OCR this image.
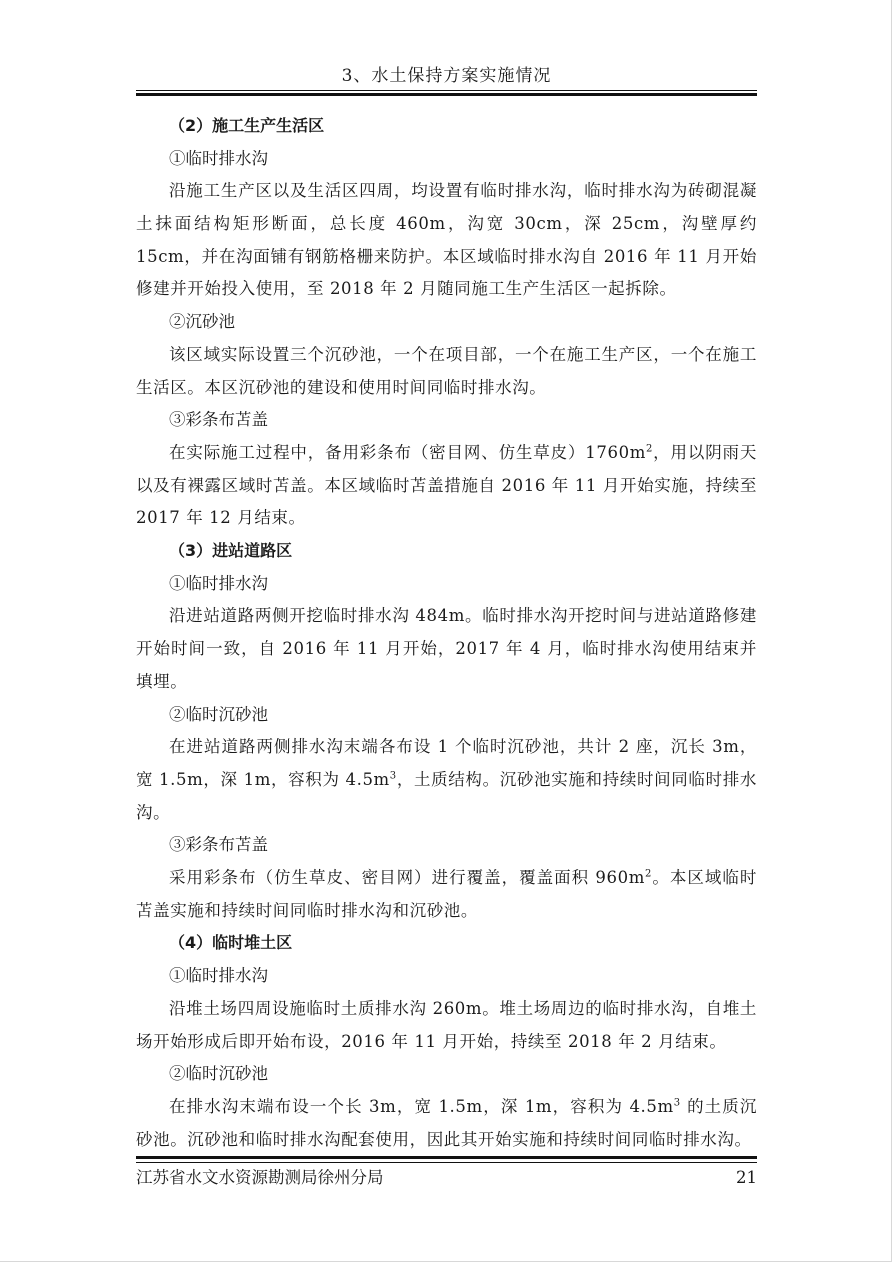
3、水土保持方案实施情况
（2）施工生产生活区
①临时排水沟
沿施工生产区以及生活区四周，均设置有临时排水沟，临时排水沟为砖砌混凝土抹面结构矩形断面，总长度 460m，沟宽 30cm，深 25cm，沟壁厚约 15cm，并在沟面铺有钢筋格栅来防护。本区域临时排水沟自 2016 年 11 月开始修建并开始投入使用，至 2018 年 2 月随同施工生产生活区一起拆除。
②沉砂池
该区域实际设置三个沉砂池，一个在项目部，一个在施工生产区，一个在施工生活区。本区沉砂池的建设和使用时间同临时排水沟。
③彩条布苫盖
在实际施工过程中，备用彩条布（密目网、仿生草皮）$1760m^2$，用以阴雨天以及有裸露区域时苫盖。本区域临时苫盖措施自 2016 年 11 月开始实施，持续至 2017 年 12 月结束。
（3）进站道路区
①临时排水沟
沿进站道路两侧开挖临时排水沟 484m。临时排水沟开挖时间与进站道路修建开始时间一致，自 2016 年 11 月开始，2017 年 4 月，临时排水沟使用结束并填埋。
②临时沉砂池
在进站道路两侧排水沟末端各布设 1 个临时沉砂池，共计 2 座，沉长 3m，宽 1.5m，深 1m，容积为 $4.5m^3$，土质结构。沉砂池实施和持续时间同临时排水沟。
③彩条布苫盖
采用彩条布（仿生草皮、密目网）进行覆盖，覆盖面积 $960m^2$。本区域临时苫盖实施和持续时间同临时排水沟和沉砂池。
（4）临时堆土区
①临时排水沟
沿堆土场四周设施临时土质排水沟 260m。堆土场周边的临时排水沟，自堆土场开始形成后即开始布设，2016 年 11 月开始，持续至 2018 年 2 月结束。
②临时沉砂池
在排水沟末端布设一个长 3m，宽 1.5m，深 1m，容积为 $4.5m^3$ 的土质沉砂池。沉砂池和临时排水沟配套使用，因此其开始实施和持续时间同临时排水沟。
江苏省水文水资源勘测局徐州分局	21
